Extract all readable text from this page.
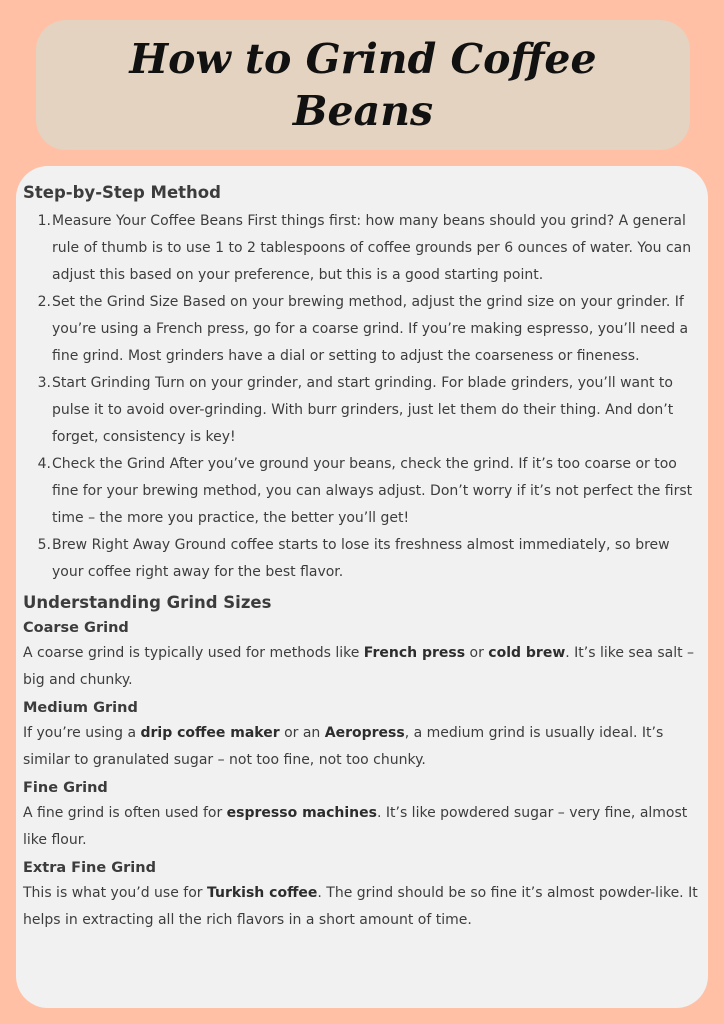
How to Grind Coffee Beans
Step-by-Step Method
1. Measure Your Coffee Beans First things first: how many beans should you grind? A general rule of thumb is to use 1 to 2 tablespoons of coffee grounds per 6 ounces of water. You can adjust this based on your preference, but this is a good starting point.
2. Set the Grind Size Based on your brewing method, adjust the grind size on your grinder. If you’re using a French press, go for a coarse grind. If you’re making espresso, you’ll need a fine grind. Most grinders have a dial or setting to adjust the coarseness or fineness.
3. Start Grinding Turn on your grinder, and start grinding. For blade grinders, you’ll want to pulse it to avoid over-grinding. With burr grinders, just let them do their thing. And don’t forget, consistency is key!
4. Check the Grind After you’ve ground your beans, check the grind. If it’s too coarse or too fine for your brewing method, you can always adjust. Don’t worry if it’s not perfect the first time – the more you practice, the better you’ll get!
5. Brew Right Away Ground coffee starts to lose its freshness almost immediately, so brew your coffee right away for the best flavor.
Understanding Grind Sizes
Coarse Grind

A coarse grind is typically used for methods like French press or cold brew. It’s like sea salt – big and chunky.

Medium Grind

If you’re using a drip coffee maker or an Aeropress, a medium grind is usually ideal. It’s similar to granulated sugar – not too fine, not too chunky.

Fine Grind

A fine grind is often used for espresso machines. It’s like powdered sugar – very fine, almost like flour.

Extra Fine Grind

This is what you’d use for Turkish coffee. The grind should be so fine it’s almost powder-like. It helps in extracting all the rich flavors in a short amount of time.
